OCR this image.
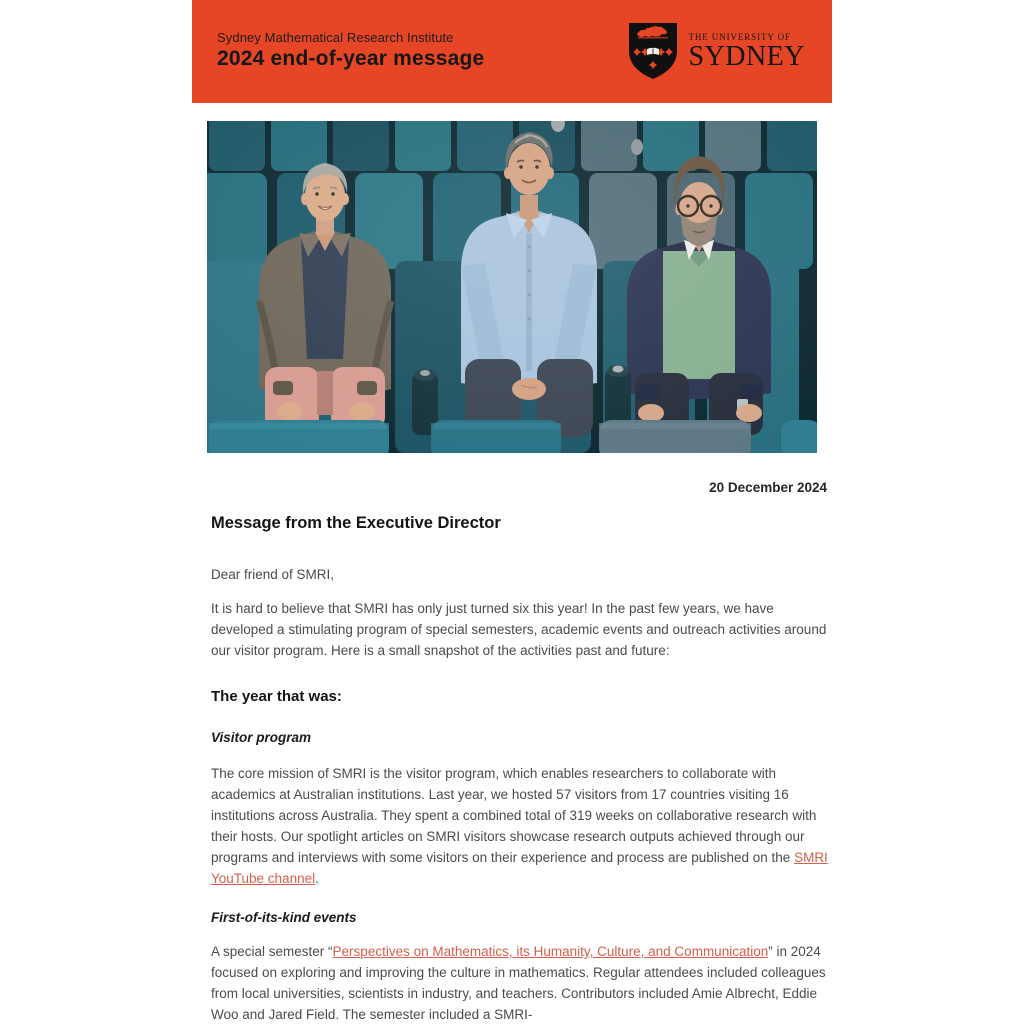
Sydney Mathematical Research Institute
2024 end-of-year message
THE UNIVERSITY OF
SYDNEY
20 December 2024
Message from the Executive Director
Dear friend of SMRI,
It is hard to believe that SMRI has only just turned six this year! In the past few years, we have developed a stimulating program of special semesters, academic events and outreach activities around our visitor program. Here is a small snapshot of the activities past and future:
The year that was:
Visitor program
The core mission of SMRI is the visitor program, which enables researchers to collaborate with academics at Australian institutions. Last year, we hosted 57 visitors from 17 countries visiting 16 institutions across Australia. They spent a combined total of 319 weeks on collaborative research with their hosts. Our spotlight articles on SMRI visitors showcase research outputs achieved through our programs and interviews with some visitors on their experience and process are published on the SMRI YouTube channel.
First-of-its-kind events
A special semester “Perspectives on Mathematics, its Humanity, Culture, and Communication” in 2024 focused on exploring and improving the culture in mathematics. Regular attendees included colleagues from local universities, scientists in industry, and teachers. Contributors included Amie Albrecht, Eddie Woo and Jared Field. The semester included a SMRI-
